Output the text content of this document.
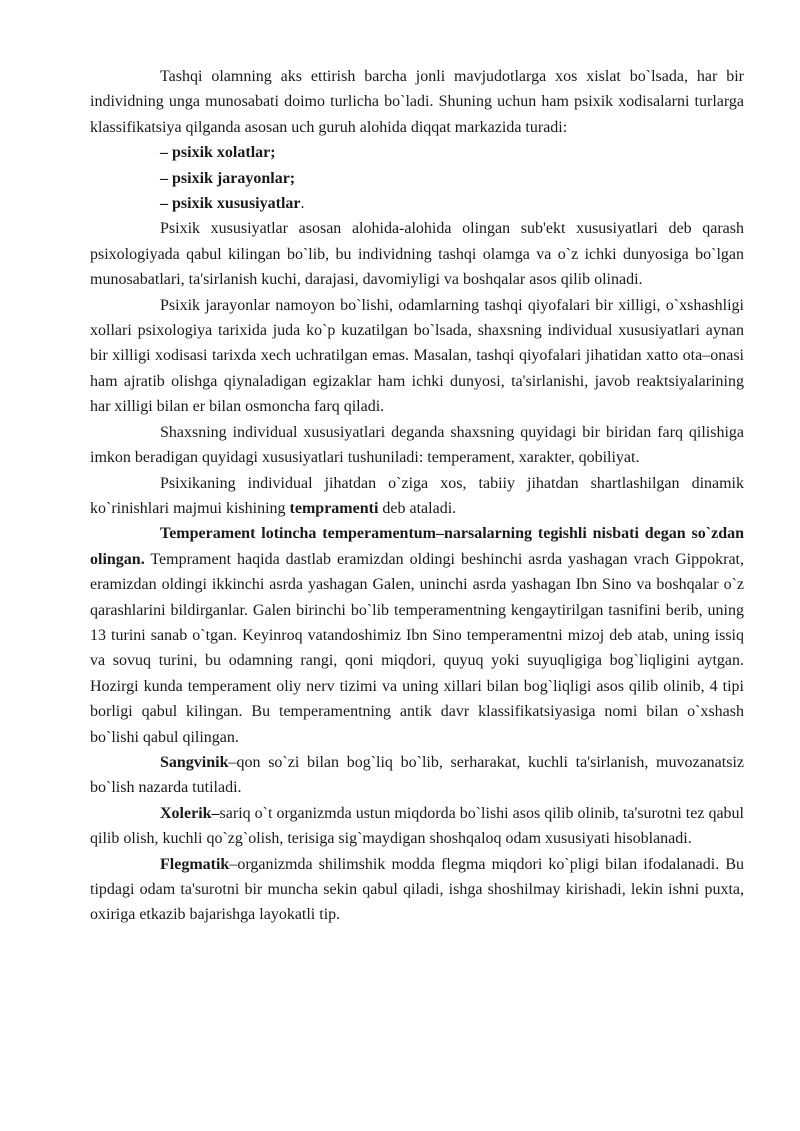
Tashqi olamning aks ettirish barcha jonli mavjudotlarga xos xislat bo`lsada, har bir individning unga munosabati doimo turlicha bo`ladi. Shuning uchun ham psixik xodisalarni turlarga klassifikatsiya qilganda asosan uch guruh alohida diqqat markazida turadi:

– psixik xolatlar;

– psixik jarayonlar;

– psixik xususiyatlar.

Psixik xususiyatlar asosan alohida-alohida olingan sub'ekt xususiyatlari deb qarash psixologiyada qabul kilingan bo`lib, bu individning tashqi olamga va o`z ichki dunyosiga bo`lgan munosabatlari, ta'sirlanish kuchi, darajasi, davomiyligi va boshqalar asos qilib olinadi.

Psixik jarayonlar namoyon bo`lishi, odamlarning tashqi qiyofalari bir xilligi, o`xshashligi xollari psixologiya tarixida juda ko`p kuzatilgan bo`lsada, shaxsning individual xususiyatlari aynan bir xilligi xodisasi tarixda xech uchratilgan emas. Masalan, tashqi qiyofalari jihatidan xatto ota–onasi ham ajratib olishga qiynaladigan egizaklar ham ichki dunyosi, ta'sirlanishi, javob reaktsiyalarining har xilligi bilan er bilan osmoncha farq qiladi.

Shaxsning individual xususiyatlari deganda shaxsning quyidagi bir biridan farq qilishiga imkon beradigan quyidagi xususiyatlari tushuniladi: temperament, xarakter, qobiliyat.

Psixikaning individual jihatdan o`ziga xos, tabiiy jihatdan shartlashilgan dinamik ko`rinishlari majmui kishining tempramenti deb ataladi.

Temperament lotincha temperamentum–narsalarning tegishli nisbati degan so`zdan olingan. Temprament haqida dastlab eramizdan oldingi beshinchi asrda yashagan vrach Gippokrat, eramizdan oldingi ikkinchi asrda yashagan Galen, uninchi asrda yashagan Ibn Sino va boshqalar o`z qarashlarini bildirganlar. Galen birinchi bo`lib temperamentning kengaytirilgan tasnifini berib, uning 13 turini sanab o`tgan. Keyinroq vatandoshimiz Ibn Sino temperamentni mizoj deb atab, uning issiq va sovuq turini, bu odamning rangi, qoni miqdori, quyuq yoki suyuqligiga bog`liqligini aytgan. Hozirgi kunda temperament oliy nerv tizimi va uning xillari bilan bog`liqligi asos qilib olinib, 4 tipi borligi qabul kilingan. Bu temperamentning antik davr klassifikatsiyasiga nomi bilan o`xshash bo`lishi qabul qilingan.

Sangvinik–qon so`zi bilan bog`liq bo`lib, serharakat, kuchli ta'sirlanish, muvozanatsiz bo`lish nazarda tutiladi.

Xolerik–sariq o`t organizmda ustun miqdorda bo`lishi asos qilib olinib, ta'surotni tez qabul qilib olish, kuchli qo`zg`olish, terisiga sig`maydigan shoshqaloq odam xususiyati hisoblanadi.

Flegmatik–organizmda shilimshik modda flegma miqdori ko`pligi bilan ifodalanadi. Bu tipdagi odam ta'surotni bir muncha sekin qabul qiladi, ishga shoshilmay kirishadi, lekin ishni puxta, oxiriga etkazib bajarishga layokatli tip.
